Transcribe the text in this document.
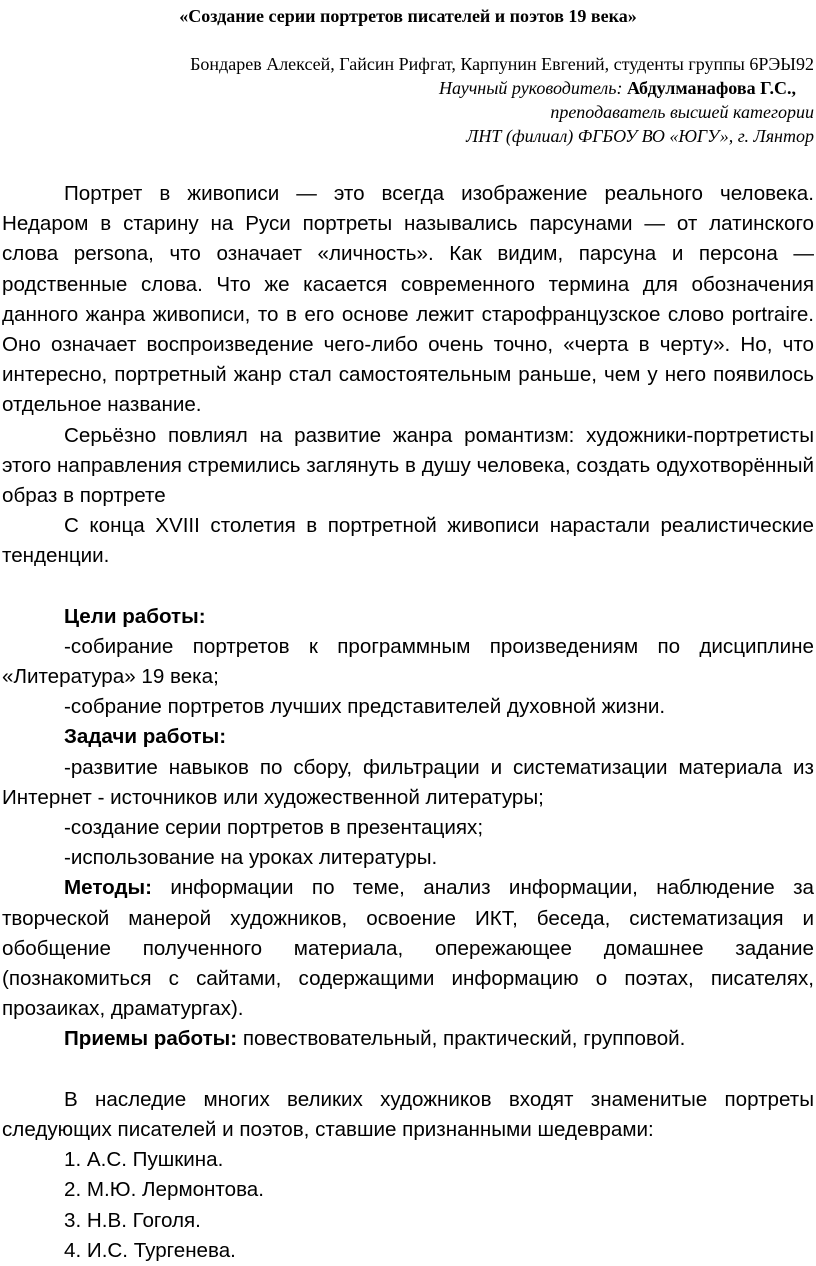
«Создание серии портретов писателей и поэтов 19 века»

Бондарев Алексей, Гайсин Рифгат, Карпунин Евгений, студенты группы 6РЭЫ92

Научный руководитель: Абдулманафова Г.С.,

преподаватель высшей категории

ЛНТ (филиал) ФГБОУ ВО «ЮГУ», г. Лянтор

Портрет в живописи — это всегда изображение реального человека. Недаром в старину на Руси портреты назывались парсунами — от латинского слова persona, что означает «личность». Как видим, парсуна и персона — родственные слова. Что же касается современного термина для обозначения данного жанра живописи, то в его основе лежит старофранцузское слово portraire. Оно означает воспроизведение чего-либо очень точно, «черта в черту». Но, что интересно, портретный жанр стал самостоятельным раньше, чем у него появилось отдельное название.

Серьёзно повлиял на развитие жанра романтизм: художники-портретисты этого направления стремились заглянуть в душу человека, создать одухотворённый образ в портрете

С конца XVIII столетия в портретной живописи нарастали реалистические тенденции.

Цели работы:

-собирание портретов к программным произведениям по дисциплине «Литература» 19 века;

-собрание портретов лучших представителей духовной жизни.

Задачи работы:

-развитие навыков по сбору, фильтрации и систематизации материала из Интернет - источников или художественной литературы;

-создание серии портретов в презентациях;

-использование на уроках литературы.

Методы: информации по теме, анализ информации, наблюдение за творческой манерой художников, освоение ИКТ, беседа, систематизация и обобщение полученного материала, опережающее домашнее задание (познакомиться с сайтами, содержащими информацию о поэтах, писателях, прозаиках, драматургах).

Приемы работы: повествовательный, практический, групповой.

В наследие многих великих художников входят знаменитые портреты следующих писателей и поэтов, ставшие признанными шедеврами:

1. А.С. Пушкина.

2. М.Ю. Лермонтова.

3. Н.В. Гоголя.

4. И.С. Тургенева.
